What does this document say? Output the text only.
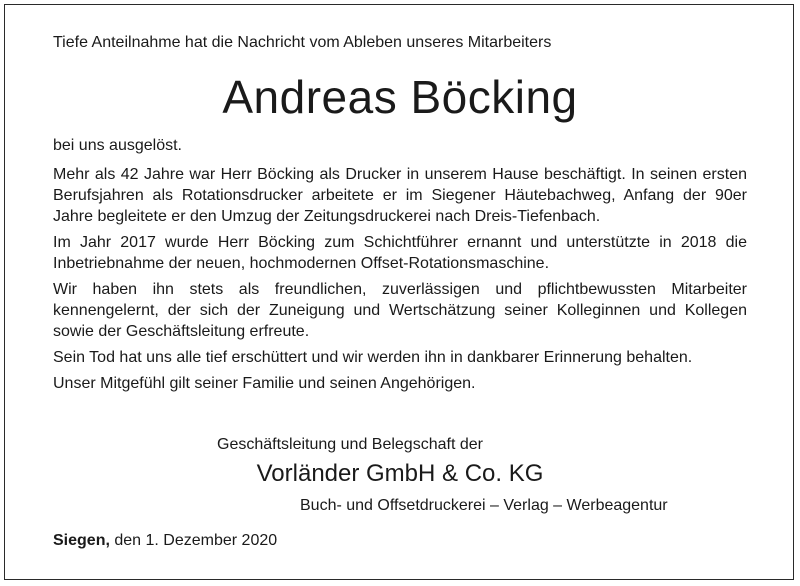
Tiefe Anteilnahme hat die Nachricht vom Ableben unseres Mitarbeiters
Andreas Böcking
bei uns ausgelöst.

Mehr als 42 Jahre war Herr Böcking als Drucker in unserem Hause beschäftigt. In seinen ersten Berufsjahren als Rotationsdrucker arbeitete er im Siegener Häutebachweg, Anfang der 90er Jahre begleitete er den Umzug der Zeitungsdruckerei nach Dreis-Tiefenbach.

Im Jahr 2017 wurde Herr Böcking zum Schichtführer ernannt und unterstützte in 2018 die Inbetriebnahme der neuen, hochmodernen Offset-Rotationsmaschine.

Wir haben ihn stets als freundlichen, zuverlässigen und pflichtbewussten Mitarbeiter kennengelernt, der sich der Zuneigung und Wertschätzung seiner Kolleginnen und Kollegen sowie der Geschäftsleitung erfreute.

Sein Tod hat uns alle tief erschüttert und wir werden ihn in dankbarer Erinnerung behalten.

Unser Mitgefühl gilt seiner Familie und seinen Angehörigen.

Geschäftsleitung und Belegschaft der
Vorländer GmbH & Co. KG
Buch- und Offsetdruckerei – Verlag – Werbeagentur
Siegen, den 1. Dezember 2020
